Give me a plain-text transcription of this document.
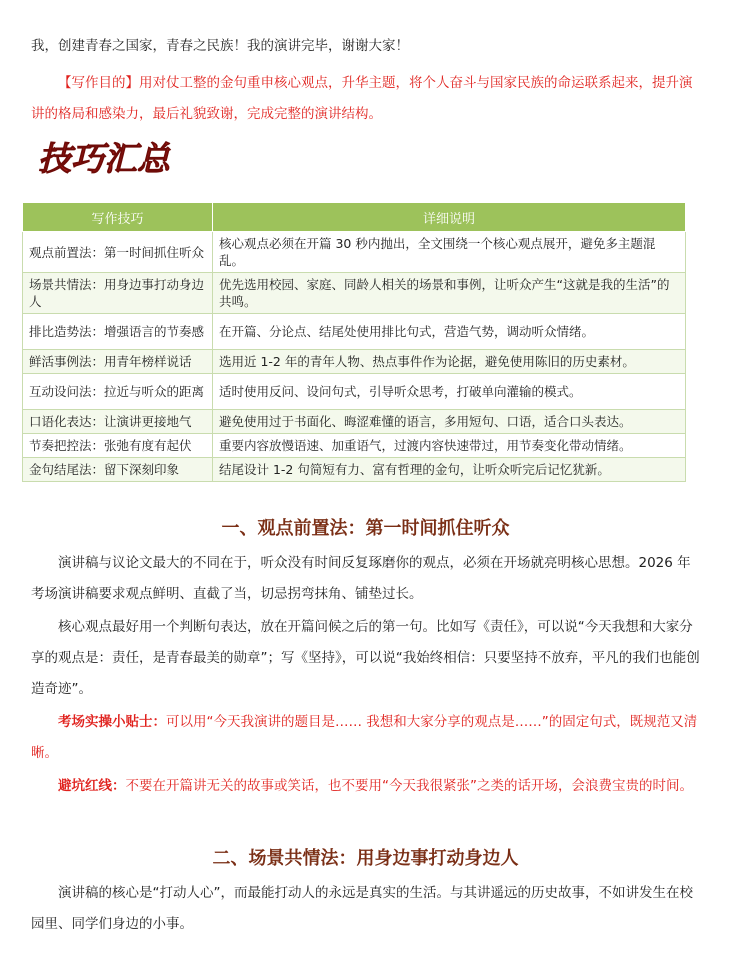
我，创建青春之国家，青春之民族！我的演讲完毕，谢谢大家！
【写作目的】用对仗工整的金句重申核心观点，升华主题，将个人奋斗与国家民族的命运联系起来，提升演讲的格局和感染力，最后礼貌致谢，完成完整的演讲结构。
技巧汇总
写作技巧	详细说明
观点前置法：第一时间抓住听众	核心观点必须在开篇 30 秒内抛出，全文围绕一个核心观点展开，避免多主题混乱。
场景共情法：用身边事打动身边人	优先选用校园、家庭、同龄人相关的场景和事例，让听众产生“这就是我的生活”的共鸣。
排比造势法：增强语言的节奏感	在开篇、分论点、结尾处使用排比句式，营造气势，调动听众情绪。
鲜活事例法：用青年榜样说话	选用近 1-2 年的青年人物、热点事件作为论据，避免使用陈旧的历史素材。
互动设问法：拉近与听众的距离	适时使用反问、设问句式，引导听众思考，打破单向灌输的模式。
口语化表达：让演讲更接地气	避免使用过于书面化、晦涩难懂的语言，多用短句、口语，适合口头表达。
节奏把控法：张弛有度有起伏	重要内容放慢语速、加重语气，过渡内容快速带过，用节奏变化带动情绪。
金句结尾法：留下深刻印象	结尾设计 1-2 句简短有力、富有哲理的金句，让听众听完后记忆犹新。
一、观点前置法：第一时间抓住听众
演讲稿与议论文最大的不同在于，听众没有时间反复琢磨你的观点，必须在开场就亮明核心思想。2026 年考场演讲稿要求观点鲜明、直截了当，切忌拐弯抹角、铺垫过长。
核心观点最好用一个判断句表达，放在开篇问候之后的第一句。比如写《责任》，可以说“今天我想和大家分享的观点是：责任，是青春最美的勋章”；写《坚持》，可以说“我始终相信：只要坚持不放弃，平凡的我们也能创造奇迹”。
考场实操小贴士：可以用“今天我演讲的题目是…… 我想和大家分享的观点是……”的固定句式，既规范又清晰。
避坑红线：不要在开篇讲无关的故事或笑话，也不要用“今天我很紧张”之类的话开场，会浪费宝贵的时间。
二、场景共情法：用身边事打动身边人
演讲稿的核心是“打动人心”，而最能打动人的永远是真实的生活。与其讲遥远的历史故事，不如讲发生在校园里、同学们身边的小事。
